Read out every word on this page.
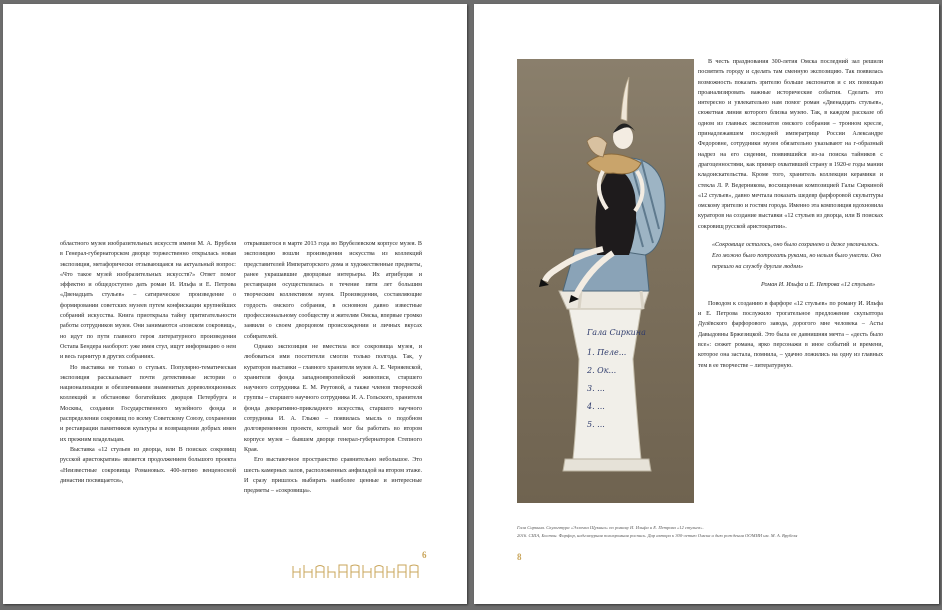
областного музея изобразительных искусств имени М. А. Врубеля в Генерал-губернаторском дворце торжественно открылась новая экспозиция, метафорически отзывающаяся на актуальный вопрос: «Что такое музей изобразительных искусств?» Ответ помог эффектно и общедоступно дать роман И. Ильфа и Е. Петрова «Двенадцать стульев» – сатирическое произведение о формировании советских музеев путем конфискации крупнейших собраний искусства. Книга приоткрыла тайну притягательности работы сотрудников музея. Они занимаются «поиском сокровищ», но идут по пути главного героя литературного произведения Остапа Бендера наоборот: уже имея стул, ищут информацию о нем и весь гарнитур в других собраниях.

Но выставка не только о стульях. Популярно-тематическая экспозиция рассказывает почти детективные истории о национализации и обезличивании знаменитых дореволюционных коллекций и обстановке богатейших дворцов Петербурга и Москвы, создании Государственного музейного фонда и распределении сокровищ по всему Советскому Союзу, сохранении и реставрации памятников культуры и возвращении добрых имен их прежним владельцам.

Выставка «12 стульев из дворца, или В поисках сокровищ русской аристократии» является продолжением большого проекта «Неизвестные сокровища Романовых. 400-летию венценосной династии посвящается»,

открывшегося в марте 2013 года во Врубелевском корпусе музея. В экспозицию вошли произведения искусства из коллекций представителей Императорского дома и художественные предметы, ранее украшавшие дворцовые интерьеры. Их атрибуция и реставрация осуществлялась в течение пяти лет большим творческим коллективом музея. Произведения, составляющие гордость омского собрания, в основном давно известные профессиональному сообществу и жителям Омска, впервые громко заявили о своем дворцовом происхождении и личных вкусах собирателей.

Однако экспозиция не вместила все сокровища музея, и любоваться ими посетители смогли только полгода. Так, у кураторов выставки – главного хранителя музея А. Е. Черняевской, хранителя фонда западноевропейской живописи, старшего научного сотрудника Е. М. Реутовой, а также членов творческой группы – старшего научного сотрудника И. А. Гольского, хранителя фонда декоративно-прикладного искусства, старшего научного сотрудника И. А. Глыжо – появилась мысль о подобном долговременном проекте, который мог бы работать во втором корпусе музея – бывшем дворце генерал-губернаторов Степного Края.

Его выставочное пространство сравнительно небольшое. Это шесть камерных залов, расположенных анфиладой на втором этаже. И сразу пришлось выбирать наиболее ценные и интересные предметы – «сокровища».

6
Гала Сиркина
1. Пеле...
2. Ок...
3. ...
4. ...
5. ...

В честь празднования 300-летия Омска последний зал решили посвятить городу и сделать там сменную экспозицию. Так появилась возможность показать зрителю больше экспонатов и с их помощью проанализировать важные исторические события. Сделать это интересно и увлекательно нам помог роман «Двенадцать стульев», сюжетная линия которого близка музею. Так, в каждом рассказе об одном из главных экспонатов омского собрания – тронном кресле, принадлежавшем последней императрице России Александре Федоровне, сотрудники музея обязательно указывают на г-образный надрез на его сидении, появившийся из-за поиска тайников с драгоценностями, как пример охватившей страну в 1920-е годы мании кладоискательства. Кроме того, хранитель коллекции керамики и стекла Л. Р. Ведерникова, восхищенная композицией Галы Сиркиной «12 стульев», давно мечтала показать шедевр фарфоровой скульптуры омскому зрителю и гостям города. Именно эта композиция вдохновила кураторов на создание выставки «12 стульев из дворца, или В поисках сокровищ русской аристократии».

«Сокровище осталось, оно было сохранено и даже увеличилось. Его можно было потрогать руками, но нельзя было унести. Оно перешло на службу другим людям»

Роман И. Ильфа и Е. Петрова «12 стульев»

Поводом к созданию в фарфоре «12 стульев» по роману И. Ильфа и Е. Петрова послужило трогательное предложение скульптора Дулёвского фарфорового завода, дорогого мне человека – Асты Давыдовны Бржезицкой. Это была ее давнишняя мечта – «десть было все»: сюжет романа, ярко персонажи в иное событий и времени, которое она застала, помнила, – удачно ложились на одну из главных тем в ее творчестве – литературную.

Гала Сиркина. Скульптура «Эллочка Щукина» по роману И. Ильфа и Е. Петрова «12 стульев».
2016. США, Бостон. Фарфор, надглазурная полихромная роспись. Дар автора к 300-летию Омска и дню рождения ООМИИ им. М. А. Врубеля
8
